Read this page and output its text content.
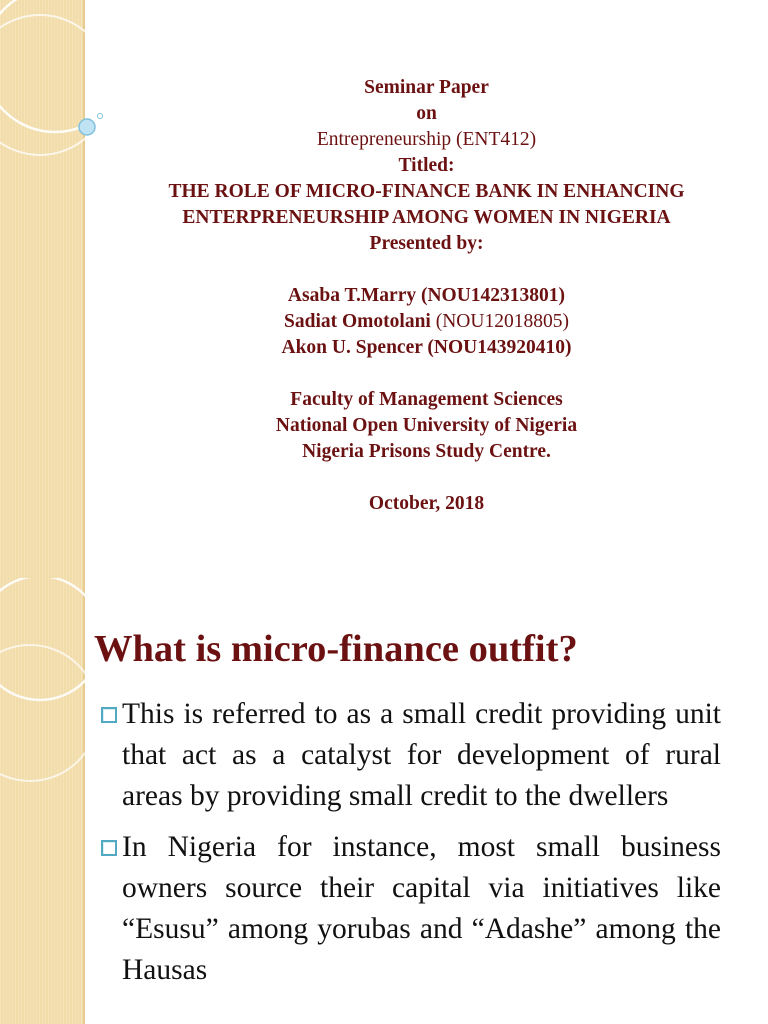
Seminar Paper
on
Entrepreneurship (ENT412)
Titled:
THE ROLE OF MICRO-FINANCE BANK IN ENHANCING
ENTERPRENEURSHIP AMONG WOMEN IN NIGERIA
Presented by:
Asaba T.Marry (NOU142313801)
Sadiat Omotolani (NOU12018805)
Akon U. Spencer (NOU143920410)
Faculty of Management Sciences
National Open University of Nigeria
Nigeria Prisons Study Centre.
October, 2018
What is micro-finance outfit?
This is referred to as a small credit providing unit that act as a catalyst for development of rural areas by providing small credit to the dwellers
In Nigeria for instance, most small business owners source their capital via initiatives like “Esusu” among yorubas and “Adashe” among the Hausas
